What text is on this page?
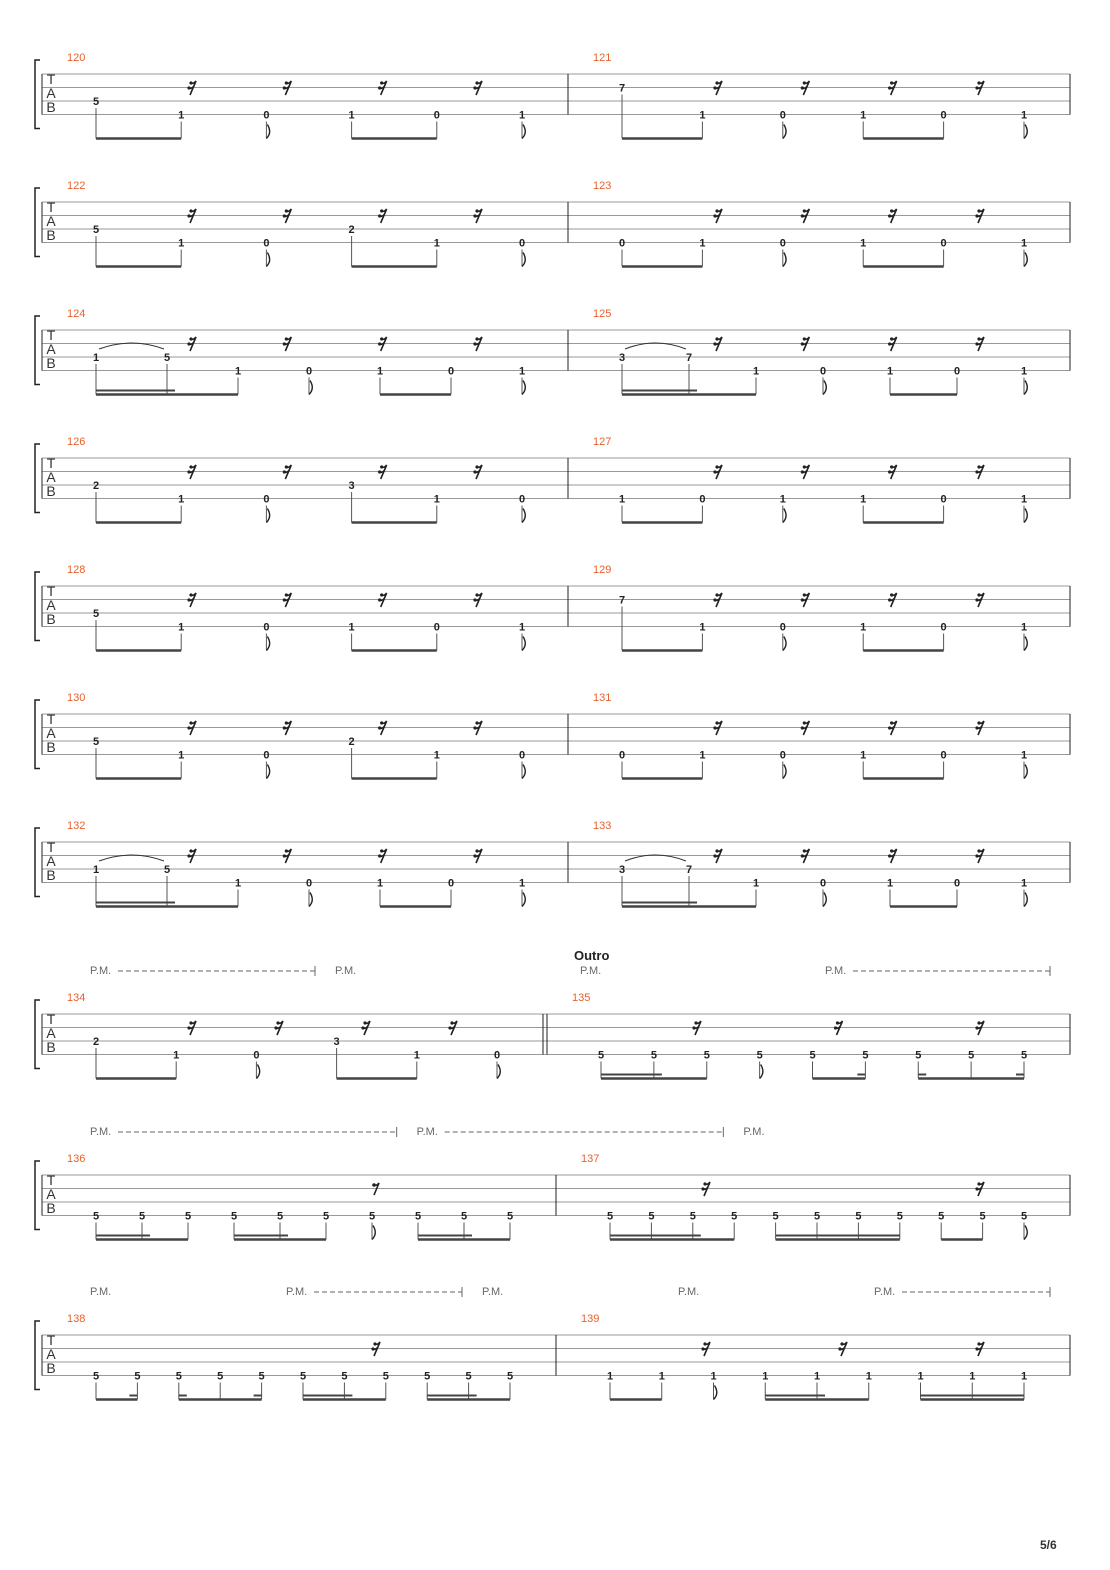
T
A
B
120
5
1	0	1	0	1
121
7
1	0	1	0	1
T
A
B
122
5
1	0
2
1	0
123
0	1	0	1	0	1
T
A
B
124
1	5
1	0	1	0	1
125
3	7
1	0	1	0	1
T
A
B
126
2
1	0
3
1	0
127
1	0	1	1	0	1
T
A
B
128
5
1	0	1	0	1
129
7
1	0	1	0	1
T
A
B
130
5
1	0
2
1	0
131
0	1	0	1	0	1
T
A
B
132
1	5
1	0	1	0	1
133
3	7
1	0	1	0	1
T
A
B
134
2
1	0
3
1	0
135
Outro
5	5	5	5	5	5	5	5	5
T
A
B
136
5	5	5	5	5	5	5	5	5	5
137
5	5	5	5	5	5	5	5	5	5	5
T
A
B
138
5	5	5	5	5	5	5	5	5	5	5
139
1	1	1	1	1	1	1	1	1
P.M.	P.M.	P.M.	P.M.
P.M.	P.M.	P.M.
P.M.	P.M.	P.M.	P.M.	P.M.
5/6
